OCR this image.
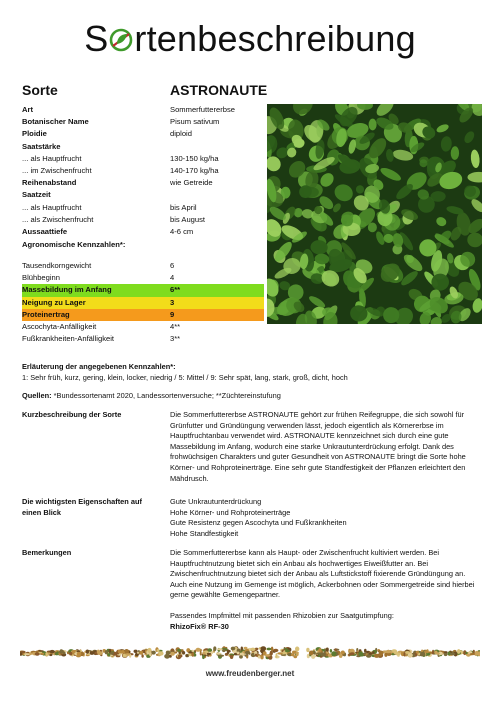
S rtenbeschreibung
Sorte	ASTRONAUTE
Art	Sommerfuttererbse
Botanischer Name	Pisum sativum
Ploidie	diploid
Saatstärke
... als Hauptfrucht	130-150 kg/ha
... im Zwischenfrucht	140-170 kg/ha
Reihenabstand	wie Getreide
Saatzeit
... als Hauptfrucht	bis April
... als Zwischenfrucht	bis August
Aussaattiefe	4-6 cm
Agronomische Kennzahlen*:
Tausendkorngewicht	6
Blühbeginn	4
Massebildung im Anfang	6**
Neigung zu Lager	3
Proteinertrag	9
Ascochyta-Anfälligkeit	4**
Fußkrankheiten-Anfälligkeit	3**
Erläuterung der angegebenen Kennzahlen*:
1: Sehr früh, kurz, gering, klein, locker, niedrig / 5: Mittel / 9: Sehr spät, lang, stark, groß, dicht, hoch
Quellen: *Bundessortenamt 2020, Landessortenversuche; **Züchtereinstufung
Kurzbeschreibung der Sorte	Die Sommerfuttererbse ASTRONAUTE gehört zur frühen Reifegruppe, die sich sowohl für Grünfutter und Gründüngung verwenden lässt, jedoch eigentlich als Körnererbse im Hauptfruchtanbau verwendet wird. ASTRONAUTE kennzeichnet sich durch eine gute Massebildung im Anfang, wodurch eine starke Unkrautunterdrückung erfolgt. Dank des frohwüchsigen Charakters und guter Gesundheit von ASTRONAUTE bringt die Sorte hohe Körner- und Rohproteinerträge. Eine sehr gute Standfestigkeit der Pflanzen erleichtert den Mähdrusch.
Die wichtigsten Eigenschaften auf einen Blick
Gute Unkrautunterdrückung
Hohe Körner- und Rohproteinerträge
Gute Resistenz gegen Ascochyta und Fußkrankheiten
Hohe Standfestigkeit
Bemerkungen	Die Sommerfuttererbse kann als Haupt- oder Zwischenfrucht kultiviert werden. Bei Hauptfruchtnutzung bietet sich ein Anbau als hochwertiges Eiweißfutter an. Bei Zwischenfruchtnutzung bietet sich der Anbau als Luftstickstoff fixierende Gründüngung an. Auch eine Nutzung im Gemenge ist möglich, Ackerbohnen oder Sommergetreide sind hierbei gerne gewählte Gemengepartner.
Passendes Impfmittel mit passenden Rhizobien zur Saatgutimpfung:
RhizoFix® RF-30
www.freudenberger.net
